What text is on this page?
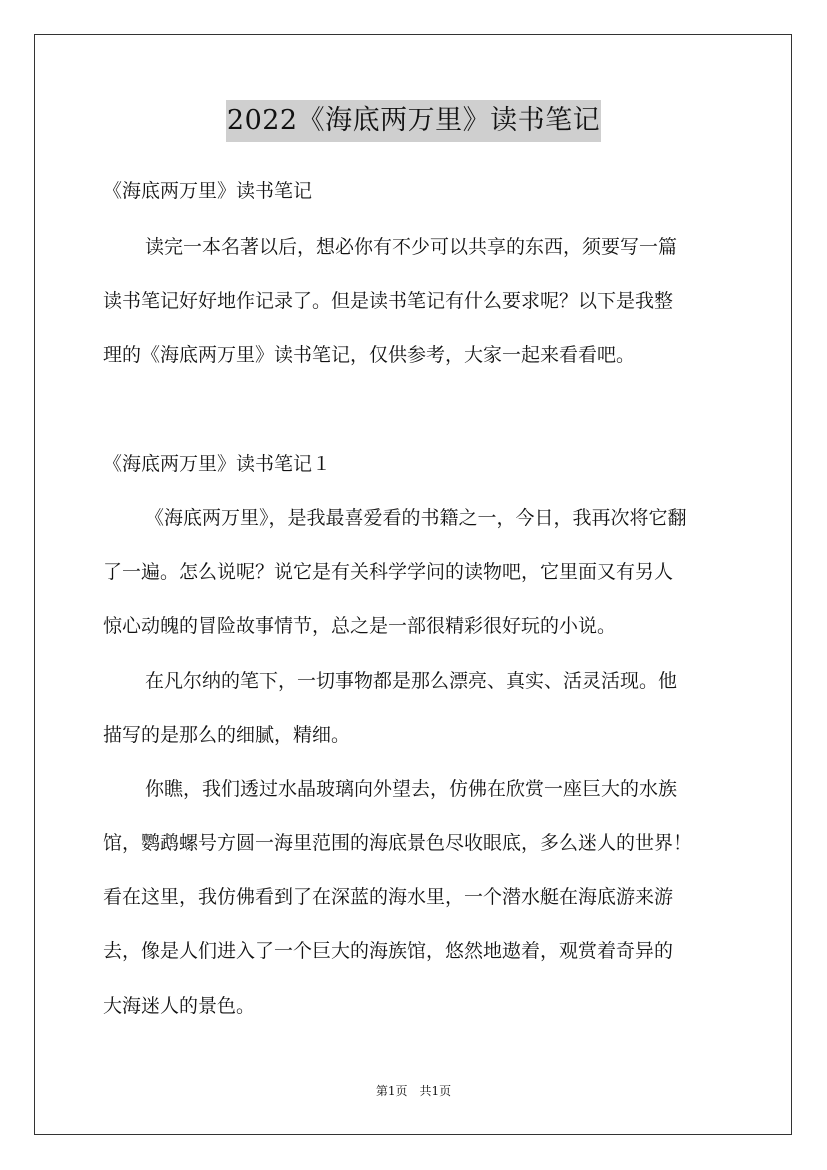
2022《海底两万里》读书笔记
《海底两万里》读书笔记
读完一本名著以后，想必你有不少可以共享的东西，须要写一篇
读书笔记好好地作记录了。但是读书笔记有什么要求呢？以下是我整
理的《海底两万里》读书笔记，仅供参考，大家一起来看看吧。
《海底两万里》读书笔记１
《海底两万里》，是我最喜爱看的书籍之一，今日，我再次将它翻
了一遍。怎么说呢？说它是有关科学学问的读物吧，它里面又有另人
惊心动魄的冒险故事情节，总之是一部很精彩很好玩的小说。
在凡尔纳的笔下，一切事物都是那么漂亮、真实、活灵活现。他
描写的是那么的细腻，精细。
你瞧，我们透过水晶玻璃向外望去，仿佛在欣赏一座巨大的水族
馆，鹦鹉螺号方圆一海里范围的海底景色尽收眼底，多么迷人的世界！
看在这里，我仿佛看到了在深蓝的海水里，一个潜水艇在海底游来游
去，像是人们进入了一个巨大的海族馆，悠然地遨着，观赏着奇异的
大海迷人的景色。
第1页　共1页
